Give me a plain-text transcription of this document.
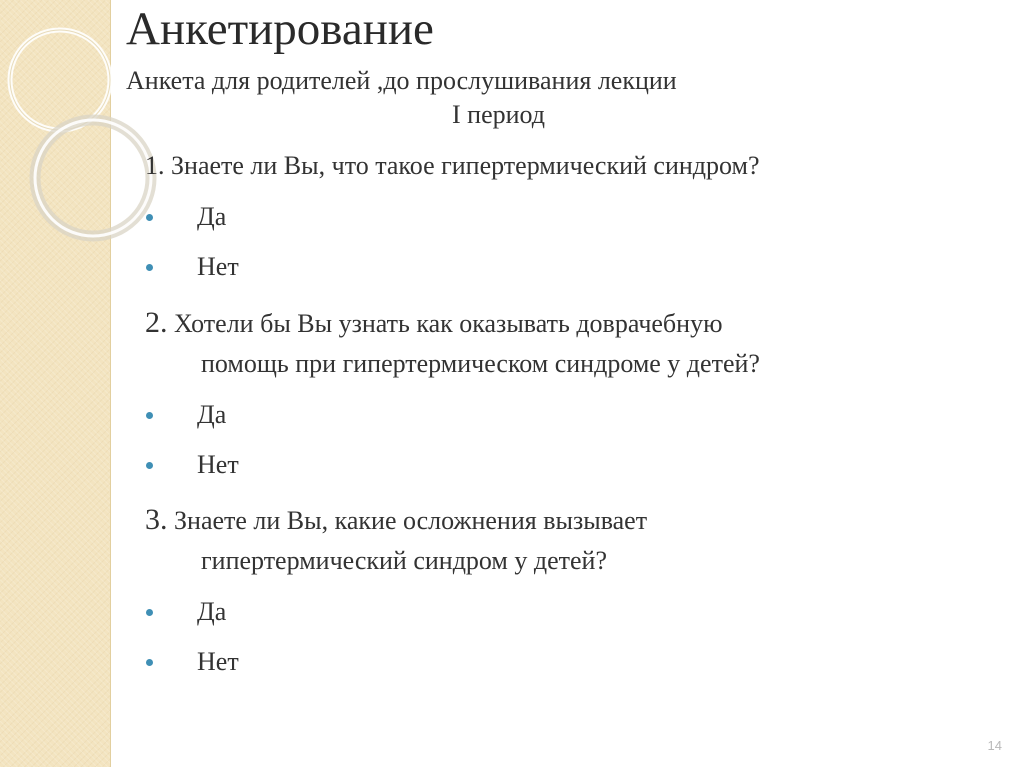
Анкетирование
Анкета для родителей ,до прослушивания лекции
I период
1. Знаете ли Вы, что такое гипертермический синдром?
Да
Нет
2. Хотели бы Вы узнать как оказывать доврачебную
помощь при гипертермическом синдроме у детей?
Да
Нет
3. Знаете ли Вы, какие осложнения вызывает
гипертермический синдром у детей?
Да
Нет
14
